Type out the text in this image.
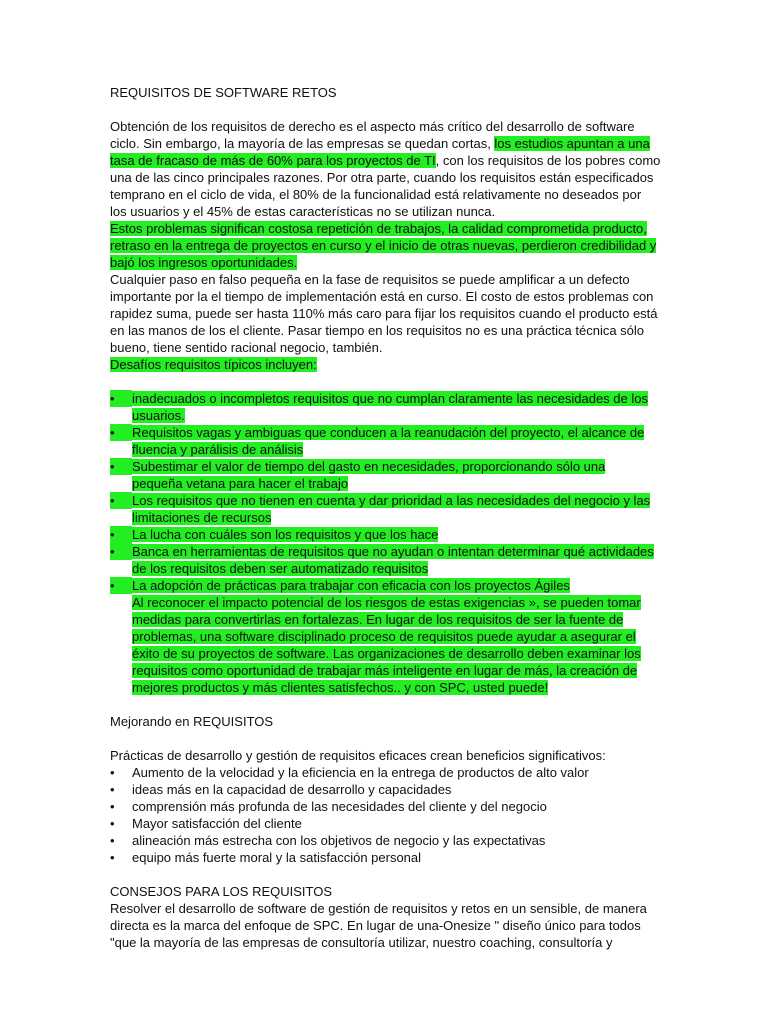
REQUISITOS DE SOFTWARE RETOS
Obtención de los requisitos de derecho es el aspecto más crítico del desarrollo de software
ciclo. Sin embargo, la mayoría de las empresas se quedan cortas, los estudios apuntan a una
tasa de fracaso de más de 60% para los proyectos de TI, con los requisitos de los pobres como
una de las cinco principales razones. Por otra parte, cuando los requisitos están especificados
temprano en el ciclo de vida, el 80% de la funcionalidad está relativamente no deseados por
los usuarios y el 45% de estas características no se utilizan nunca.
Estos problemas significan costosa repetición de trabajos, la calidad comprometida producto,
retraso en la entrega de proyectos en curso y el inicio de otras nuevas, perdieron credibilidad y
bajó los ingresos oportunidades.
Cualquier paso en falso pequeña en la fase de requisitos se puede amplificar a un defecto
importante por la el tiempo de implementación está en curso. El costo de estos problemas con
rapidez suma, puede ser hasta 110% más caro para fijar los requisitos cuando el producto está
en las manos de los el cliente. Pasar tiempo en los requisitos no es una práctica técnica sólo
bueno, tiene sentido racional negocio, también.
Desafíos requisitos típicos incluyen:
•	inadecuados o incompletos requisitos que no cumplan claramente las necesidades de los
usuarios.
•	Requisitos vagas y ambiguas que conducen a la reanudación del proyecto, el alcance de
fluencia y parálisis de análisis
•	Subestimar el valor de tiempo del gasto en necesidades, proporcionando sólo una
pequeña vetana para hacer el trabajo
•	Los requisitos que no tienen en cuenta y dar prioridad a las necesidades del negocio y las
limitaciones de recursos
•	La lucha con cuáles son los requisitos y que los hace
•	Banca en herramientas de requisitos que no ayudan o intentan determinar qué actividades
de los requisitos deben ser automatizado requisitos
•	La adopción de prácticas para trabajar con eficacia con los proyectos Ágiles
Al reconocer el impacto potencial de los riesgos de estas exigencias », se pueden tomar
medidas para convertirlas en fortalezas. En lugar de los requisitos de ser la fuente de
problemas, una software disciplinado proceso de requisitos puede ayudar a asegurar el
éxito de su proyectos de software. Las organizaciones de desarrollo deben examinar los
requisitos como oportunidad de trabajar más inteligente en lugar de más, la creación de
mejores productos y más clientes satisfechos.. y con SPC, usted puede!
Mejorando en REQUISITOS
Prácticas de desarrollo y gestión de requisitos eficaces crean beneficios significativos:
•	Aumento de la velocidad y la eficiencia en la entrega de productos de alto valor
•	ideas más en la capacidad de desarrollo y capacidades
•	comprensión más profunda de las necesidades del cliente y del negocio
•	Mayor satisfacción del cliente
•	alineación más estrecha con los objetivos de negocio y las expectativas
•	equipo más fuerte moral y la satisfacción personal
CONSEJOS PARA LOS REQUISITOS
Resolver el desarrollo de software de gestión de requisitos y retos en un sensible, de manera
directa es la marca del enfoque de SPC. En lugar de una-Onesize " diseño único para todos
"que la mayoría de las empresas de consultoría utilizar, nuestro coaching, consultoría y
